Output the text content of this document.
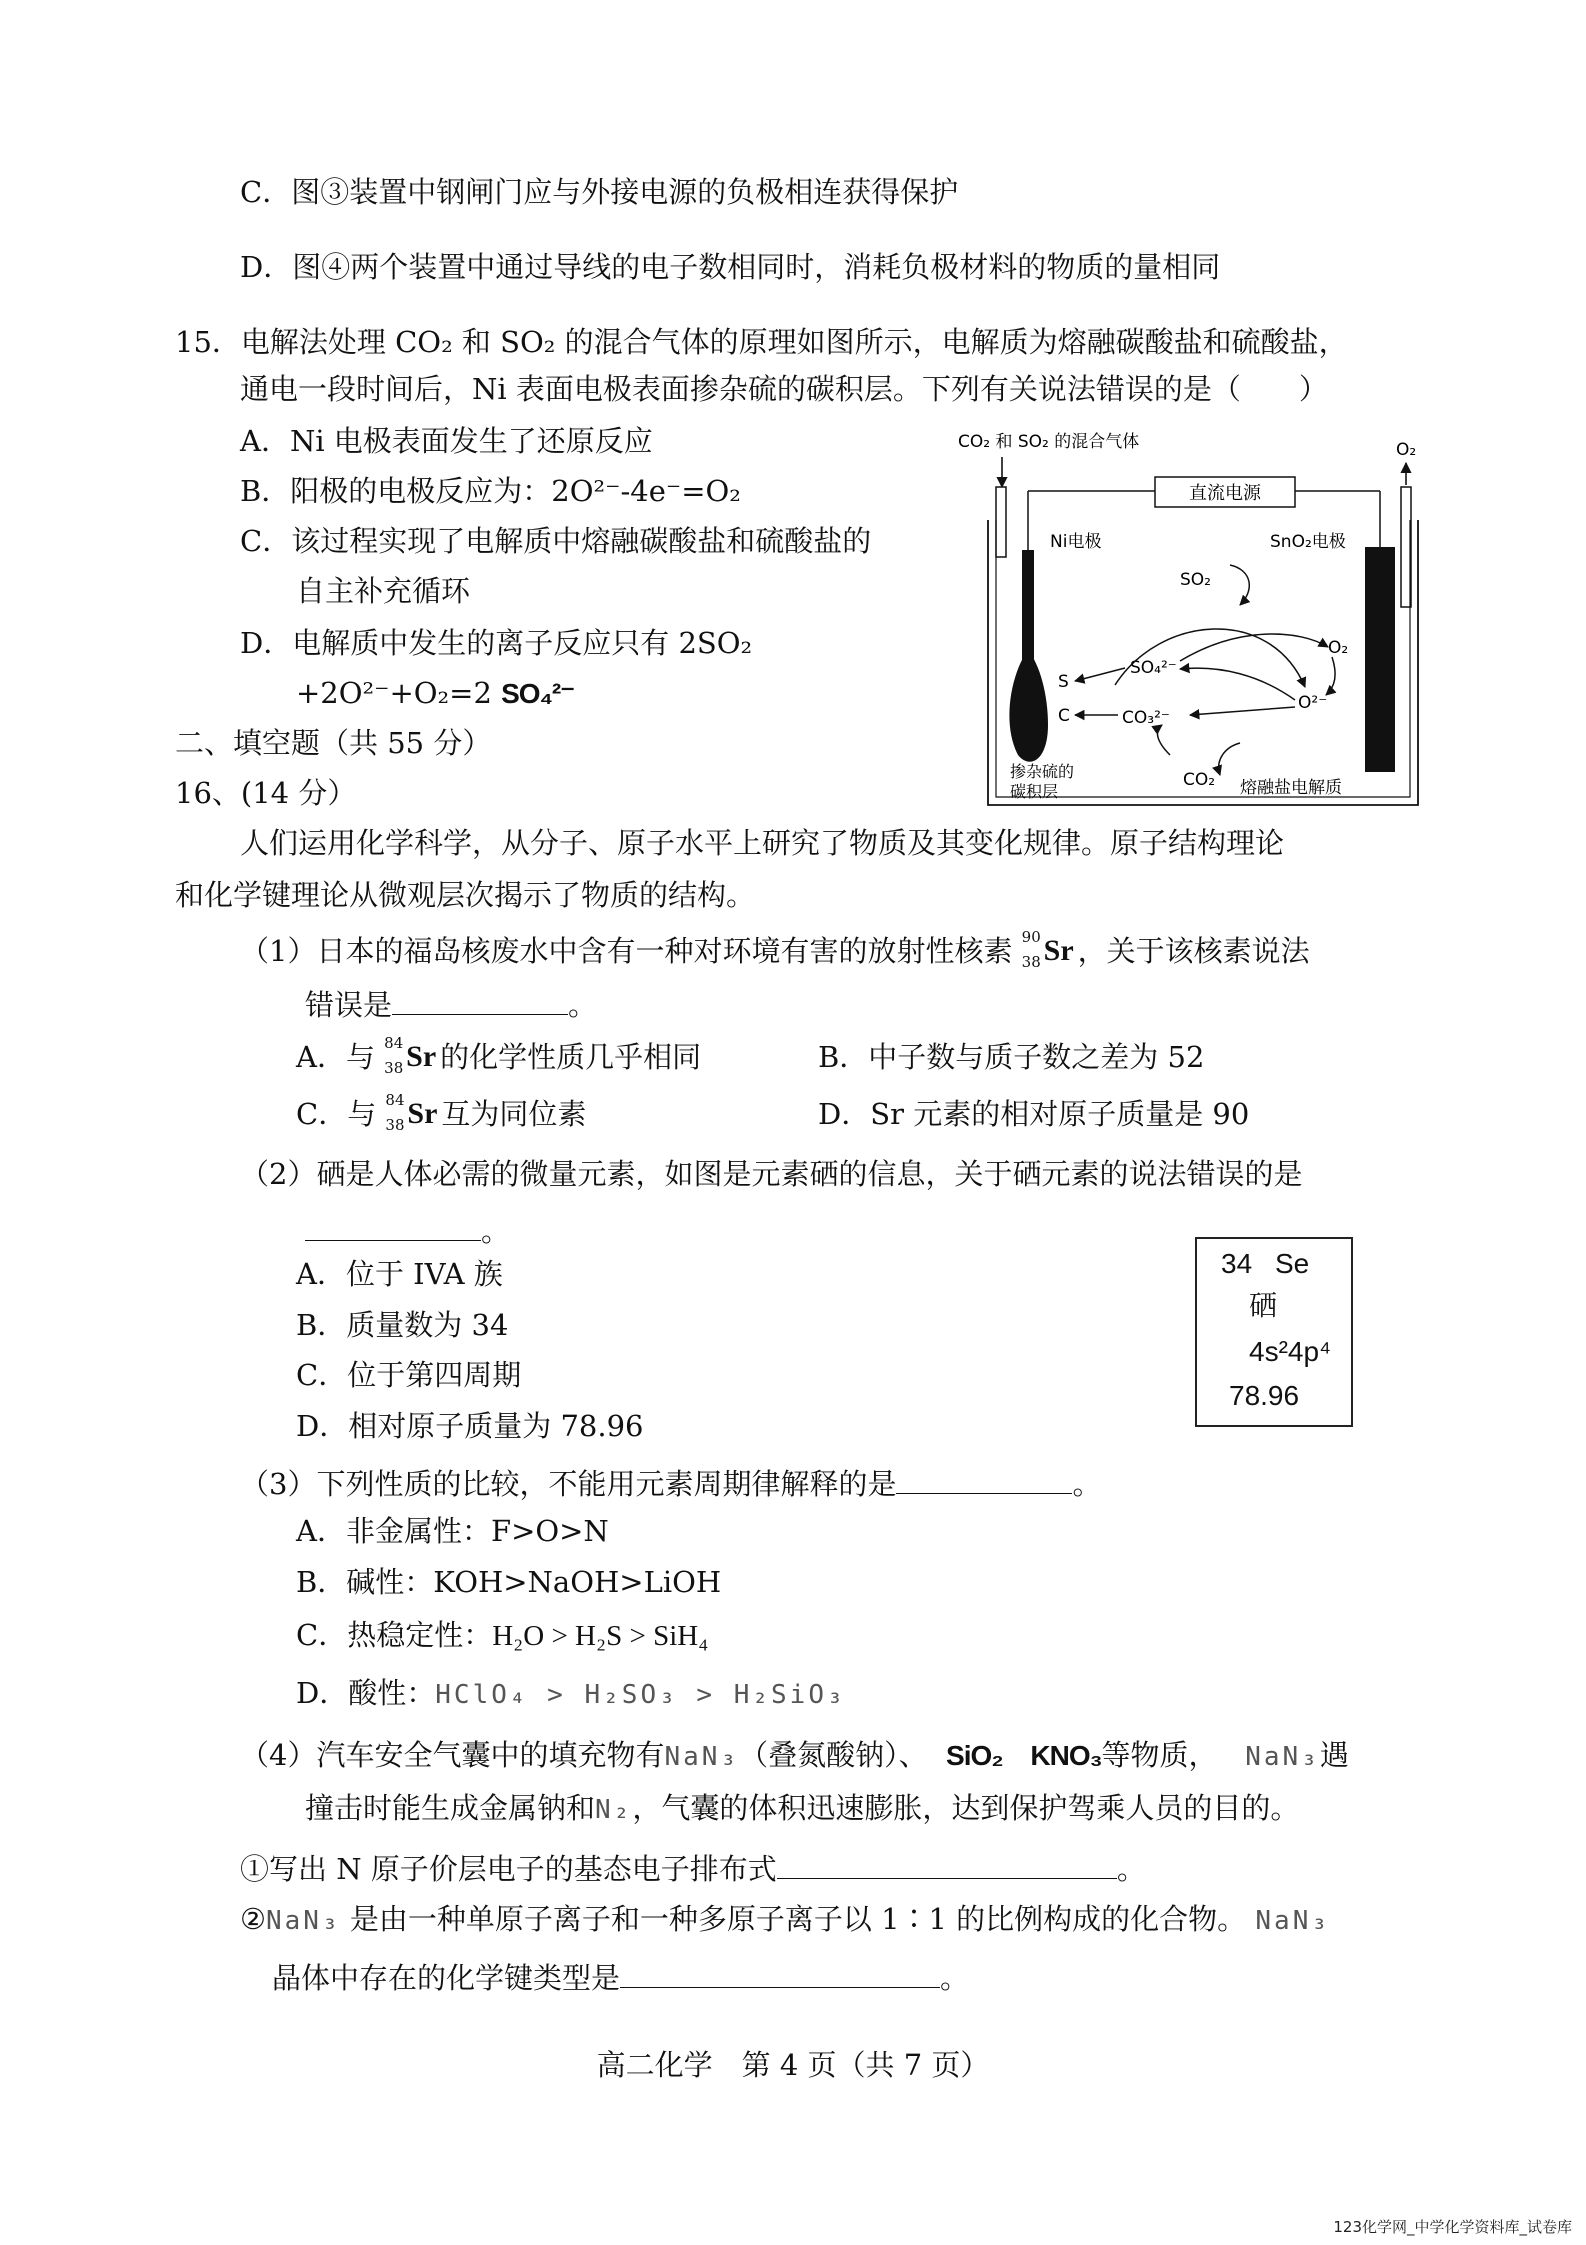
C．图③装置中钢闸门应与外接电源的负极相连获得保护
D．图④两个装置中通过导线的电子数相同时，消耗负极材料的物质的量相同
15．电解法处理 CO₂ 和 SO₂ 的混合气体的原理如图所示，电解质为熔融碳酸盐和硫酸盐，
通电一段时间后，Ni 表面电极表面掺杂硫的碳积层。下列有关说法错误的是（　　）
A．Ni 电极表面发生了还原反应
B．阳极的电极反应为：2O²⁻-4e⁻=O₂
C．该过程实现了电解质中熔融碳酸盐和硫酸盐的
自主补充循环
D．电解质中发生的离子反应只有 2SO₂
+2O²⁻+O₂=2 SO₄²⁻
CO₂ 和 SO₂ 的混合气体	O₂
直流电源
Ni电极	SnO₂电极
SO₂
SO₄²⁻
CO₃²⁻
O²⁻
O₂
S
C
CO₂
掺杂硫的
碳积层	熔融盐电解质
二、填空题（共 55 分）
16、(14 分）
人们运用化学科学，从分子、原子水平上研究了物质及其变化规律。原子结构理论
和化学键理论从微观层次揭示了物质的结构。
（1）日本的福岛核废水中含有一种对环境有害的放射性核素 90
38 Sr ，关于该核素说法
错误是	。
A．与 84
38 Sr 的化学性质几乎相同	B．中子数与质子数之差为 52
C．与 84
38 Sr 互为同位素	D．Sr 元素的相对原子质量是 90
（2）硒是人体必需的微量元素，如图是元素硒的信息，关于硒元素的说法错误的是
。
A．位于 IVA 族
B．质量数为 34
C．位于第四周期
D．相对原子质量为 78.96
34 Se
硒
4s²4p⁴
78.96
（3）下列性质的比较，不能用元素周期律解释的是	。
A．非金属性：F>O>N
B．碱性：KOH>NaOH>LiOH
C．热稳定性：H₂O > H₂S > SiH₄
D．酸性：HClO₄ > H₂SO₃ > H₂SiO₃
（4）汽车安全气囊中的填充物有NaN₃（叠氮酸钠）、 SiO₂ KNO₃等物质， NaN₃遇
撞击时能生成金属钠和N₂，气囊的体积迅速膨胀，达到保护驾乘人员的目的。
①写出 N 原子价层电子的基态电子排布式	。
②NaN₃ 是由一种单原子离子和一种多原子离子以 1∶1 的比例构成的化合物。 NaN₃
晶体中存在的化学键类型是	。
高二化学　第 4 页（共 7 页）
123化学网_中学化学资料库_试卷库
